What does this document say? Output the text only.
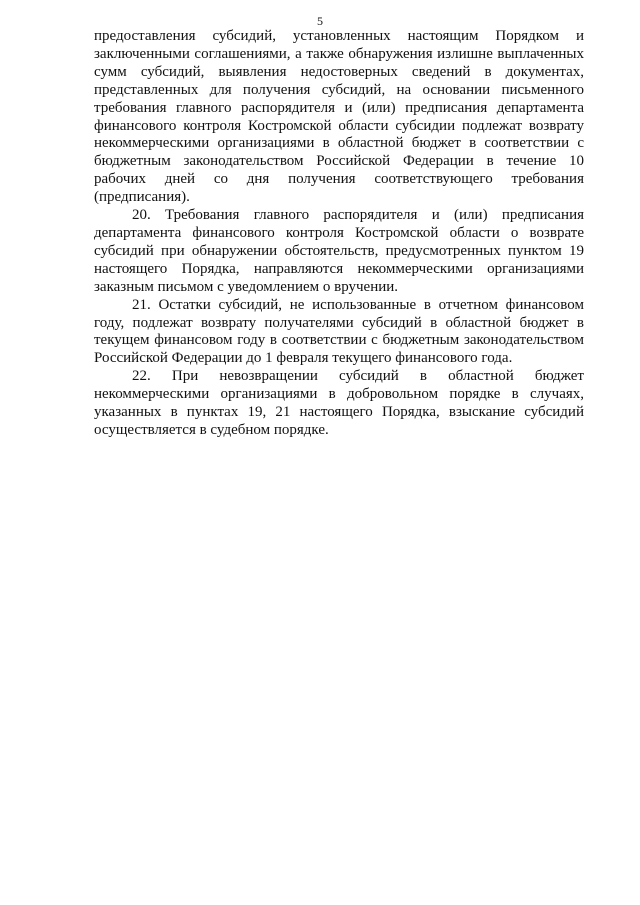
5

предоставления субсидий, установленных настоящим Порядком и заключенными соглашениями, а также обнаружения излишне выплаченных сумм субсидий, выявления недостоверных сведений в документах, представленных для получения субсидий, на основании письменного требования главного распорядителя и (или) предписания департамента финансового контроля Костромской области субсидии подлежат возврату некоммерческими организациями в областной бюджет в соответствии с бюджетным законодательством Российской Федерации в течение 10 рабочих дней со дня получения соответствующего требования (предписания).

20. Требования главного распорядителя и (или) предписания департамента финансового контроля Костромской области о возврате субсидий при обнаружении обстоятельств, предусмотренных пунктом 19 настоящего Порядка, направляются некоммерческими организациями заказным письмом с уведомлением о вручении.

21. Остатки субсидий, не использованные в отчетном финансовом году, подлежат возврату получателями субсидий в областной бюджет в текущем финансовом году в соответствии с бюджетным законодательством Российской Федерации до 1 февраля текущего финансового года.

22. При невозвращении субсидий в областной бюджет некоммерческими организациями в добровольном порядке в случаях, указанных в пунктах 19, 21 настоящего Порядка, взыскание субсидий осуществляется в судебном порядке.
